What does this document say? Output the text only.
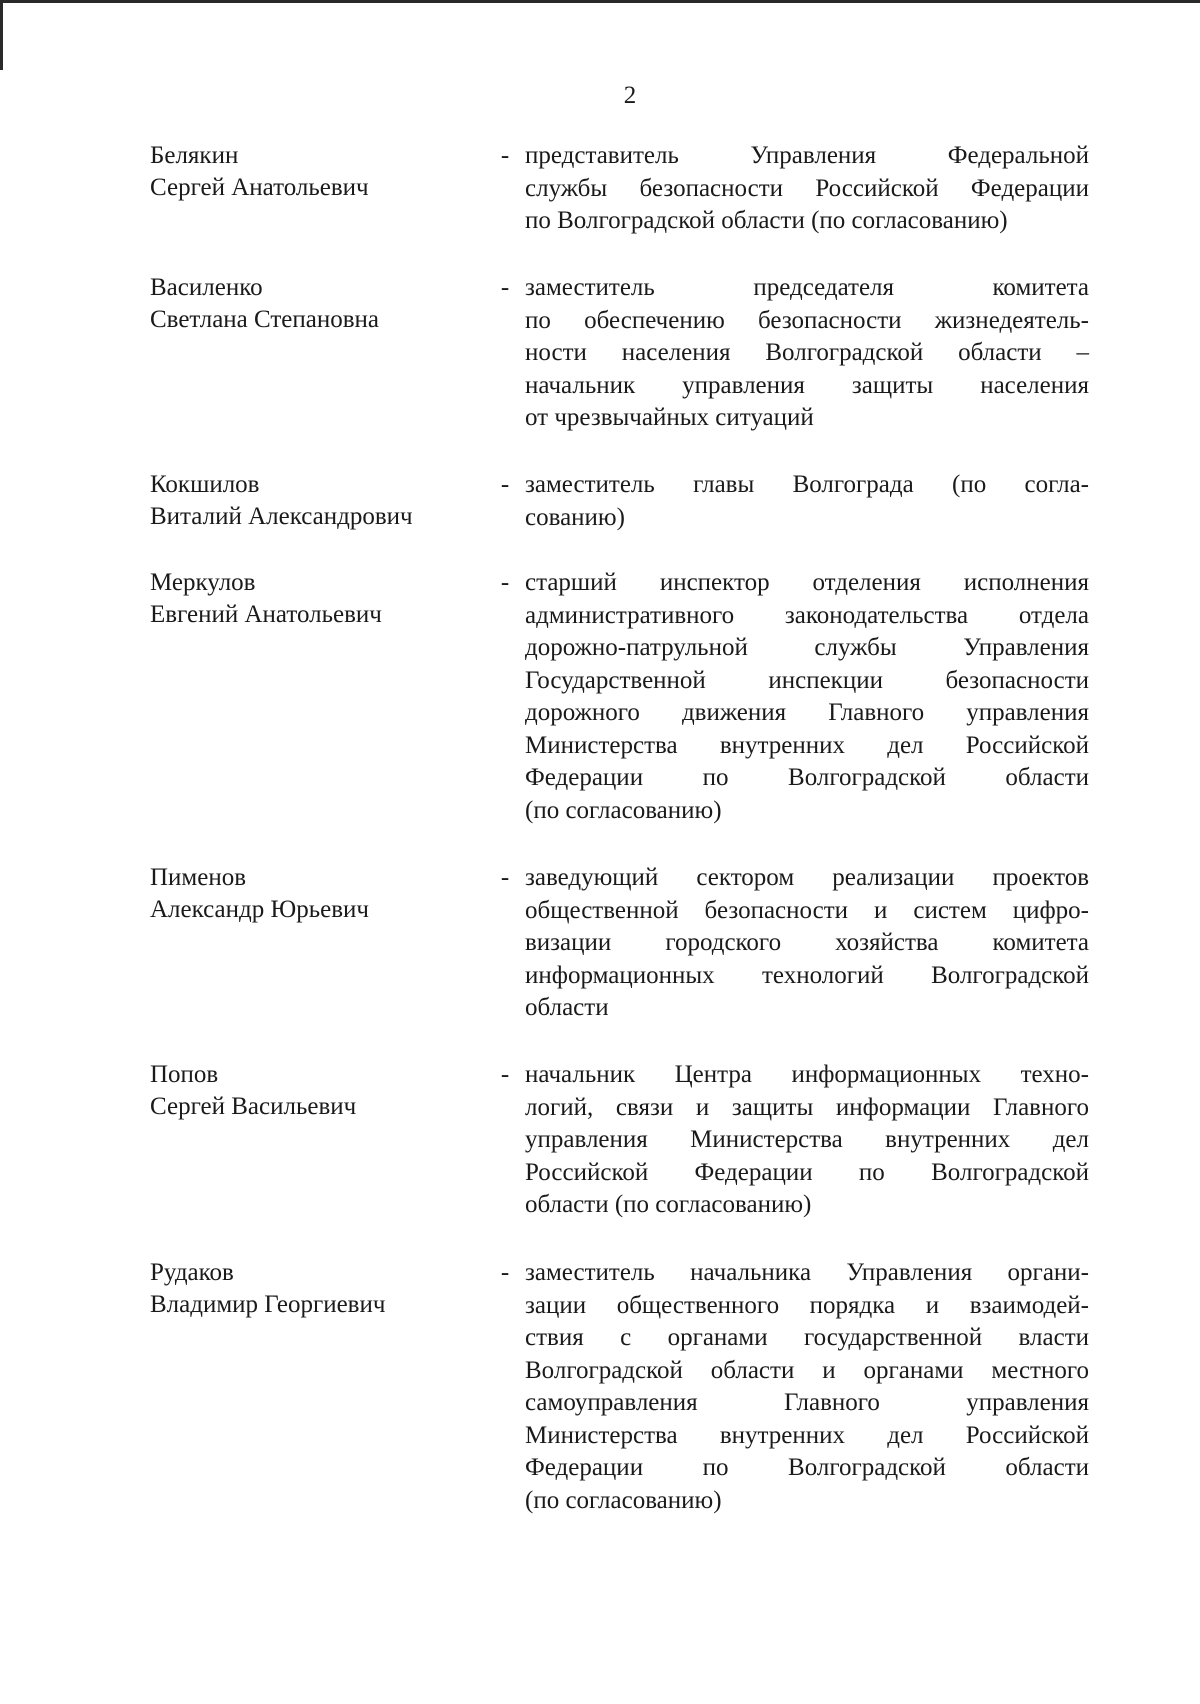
2
Белякин
Сергей Анатольевич
- представитель Управления Федеральной
службы безопасности Российской Федерации
по Волгоградской области (по согласованию)
Василенко
Светлана Степановна
- заместитель председателя комитета
по обеспечению безопасности жизнедеятель-
ности населения Волгоградской области –
начальник управления защиты населения
от чрезвычайных ситуаций
Кокшилов
Виталий Александрович
- заместитель главы Волгограда (по согла-
сованию)
Меркулов
Евгений Анатольевич
- старший инспектор отделения исполнения
административного законодательства отдела
дорожно-патрульной службы Управления
Государственной инспекции безопасности
дорожного движения Главного управления
Министерства внутренних дел Российской
Федерации по Волгоградской области
(по согласованию)
Пименов
Александр Юрьевич
- заведующий сектором реализации проектов
общественной безопасности и систем цифро-
визации городского хозяйства комитета
информационных технологий Волгоградской
области
Попов
Сергей Васильевич
- начальник Центра информационных техно-
логий, связи и защиты информации Главного
управления Министерства внутренних дел
Российской Федерации по Волгоградской
области (по согласованию)
Рудаков
Владимир Георгиевич
- заместитель начальника Управления органи-
зации общественного порядка и взаимодей-
ствия с органами государственной власти
Волгоградской области и органами местного
самоуправления Главного управления
Министерства внутренних дел Российской
Федерации по Волгоградской области
(по согласованию)
